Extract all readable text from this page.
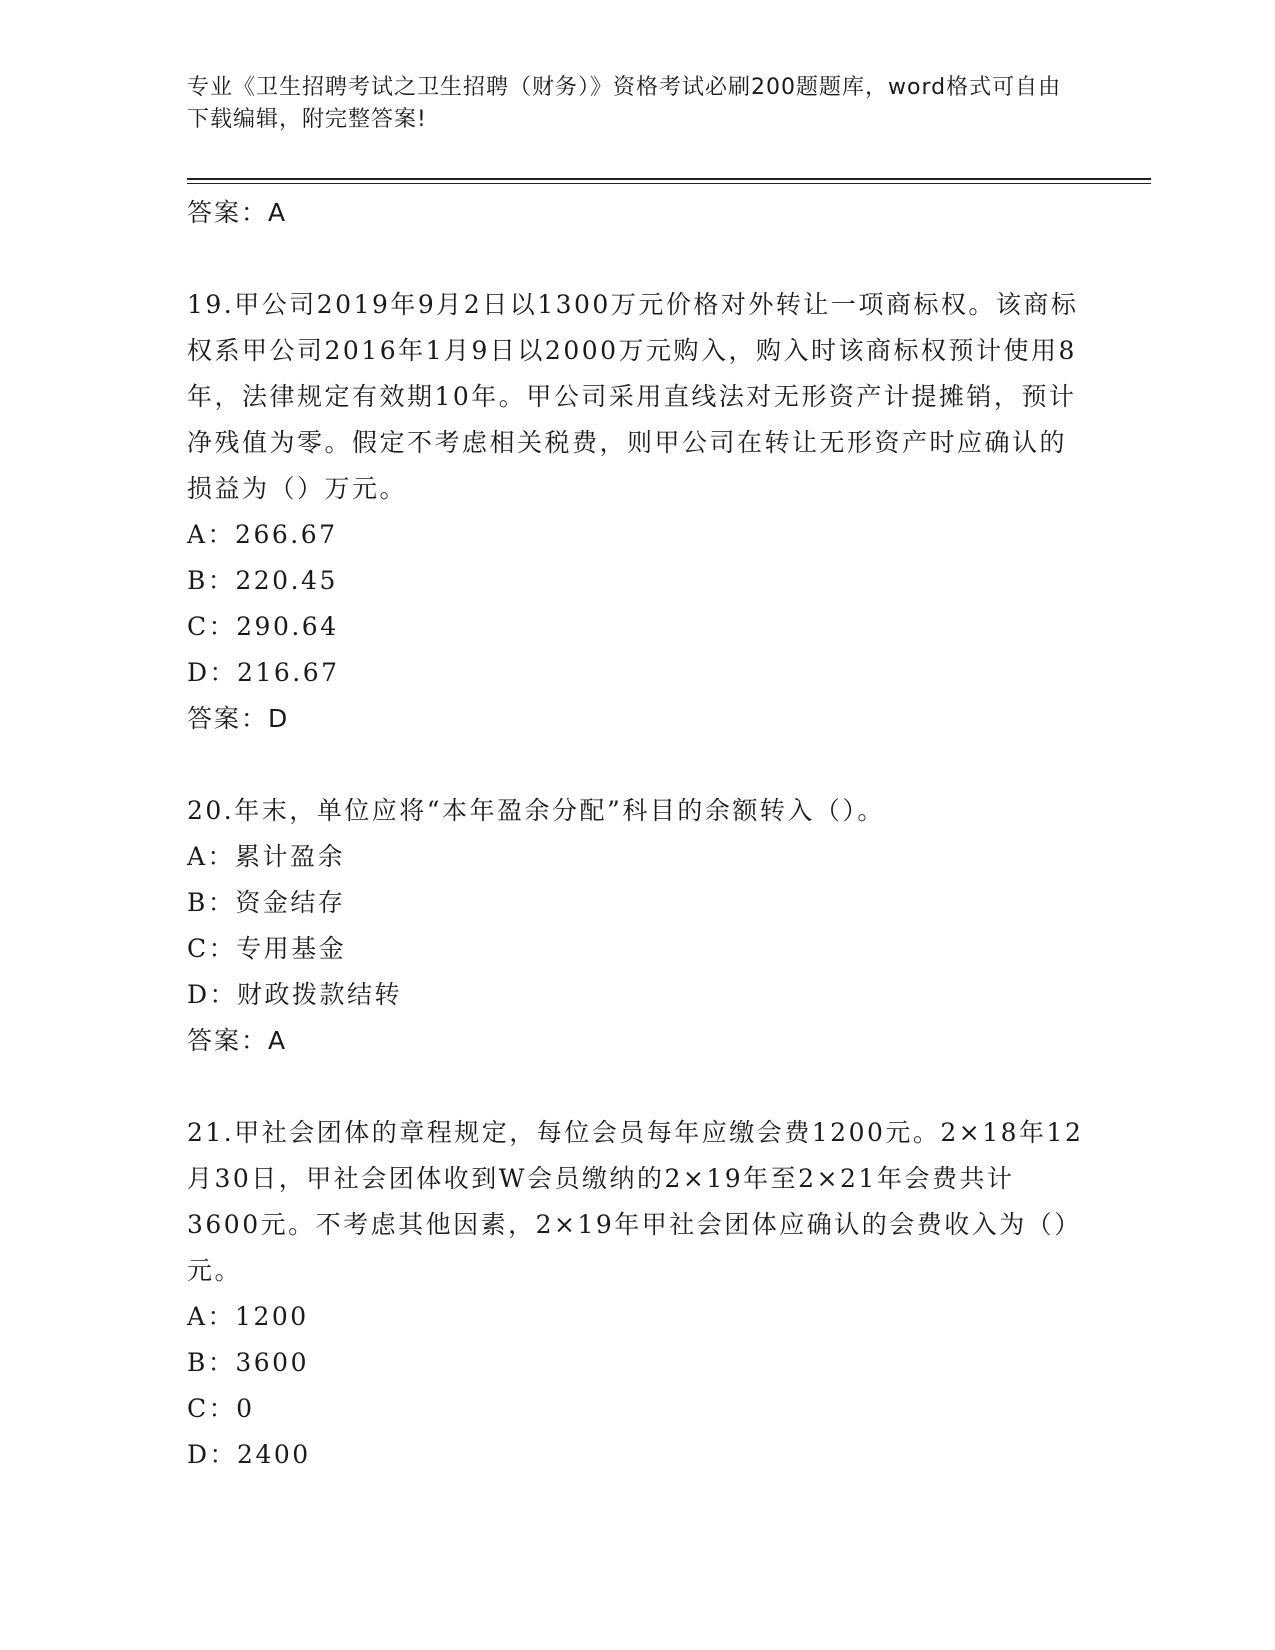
专业《卫生招聘考试之卫生招聘（财务）》资格考试必刷200题题库，word格式可自由下载编辑，附完整答案!

答案：A

19.甲公司2019年9月2日以1300万元价格对外转让一项商标权。该商标权系甲公司2016年1月9日以2000万元购入，购入时该商标权预计使用8年，法律规定有效期10年。甲公司采用直线法对无形资产计提摊销，预计净残值为零。假定不考虑相关税费，则甲公司在转让无形资产时应确认的损益为（）万元。

A：266.67

B：220.45

C：290.64

D：216.67

答案：D

20.年末，单位应将“本年盈余分配”科目的余额转入（）。

A：累计盈余

B：资金结存

C：专用基金

D：财政拨款结转

答案：A

21.甲社会团体的章程规定，每位会员每年应缴会费1200元。2×18年12月30日，甲社会团体收到W会员缴纳的2×19年至2×21年会费共计3600元。不考虑其他因素，2×19年甲社会团体应确认的会费收入为（）元。

A：1200

B：3600

C：0

D：2400
